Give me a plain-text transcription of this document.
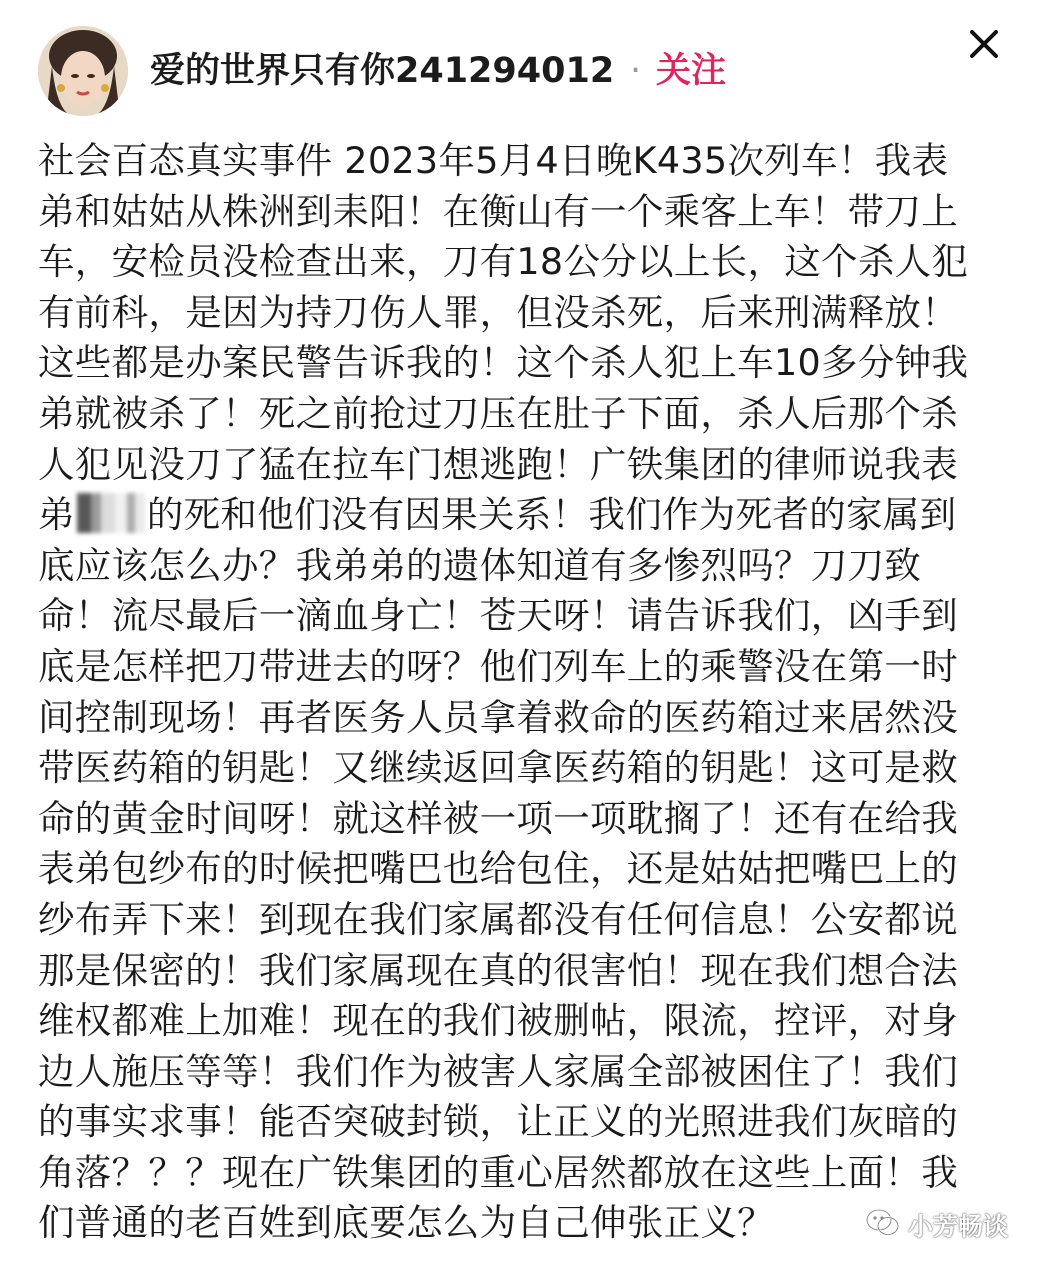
爱的世界只有你241294012 · 关注
社会百态真实事件 2023年5月4日晚K435次列车！我表
弟和姑姑从株洲到耒阳！在衡山有一个乘客上车！带刀上
车，安检员没检查出来，刀有18公分以上长，这个杀人犯
有前科，是因为持刀伤人罪，但没杀死，后来刑满释放！
这些都是办案民警告诉我的！这个杀人犯上车10多分钟我
弟就被杀了！死之前抢过刀压在肚子下面，杀人后那个杀
人犯见没刀了猛在拉车门想逃跑！广铁集团的律师说我表
弟 的死和他们没有因果关系！我们作为死者的家属到
底应该怎么办？我弟弟的遗体知道有多惨烈吗？刀刀致
命！流尽最后一滴血身亡！苍天呀！请告诉我们，凶手到
底是怎样把刀带进去的呀？他们列车上的乘警没在第一时
间控制现场！再者医务人员拿着救命的医药箱过来居然没
带医药箱的钥匙！又继续返回拿医药箱的钥匙！这可是救
命的黄金时间呀！就这样被一项一项耽搁了！还有在给我
表弟包纱布的时候把嘴巴也给包住，还是姑姑把嘴巴上的
纱布弄下来！到现在我们家属都没有任何信息！公安都说
那是保密的！我们家属现在真的很害怕！现在我们想合法
维权都难上加难！现在的我们被删帖，限流，控评，对身
边人施压等等！我们作为被害人家属全部被困住了！我们
的事实求事！能否突破封锁，让正义的光照进我们灰暗的
角落？？？现在广铁集团的重心居然都放在这些上面！我
们普通的老百姓到底要怎么为自己伸张正义？	小芳畅谈
